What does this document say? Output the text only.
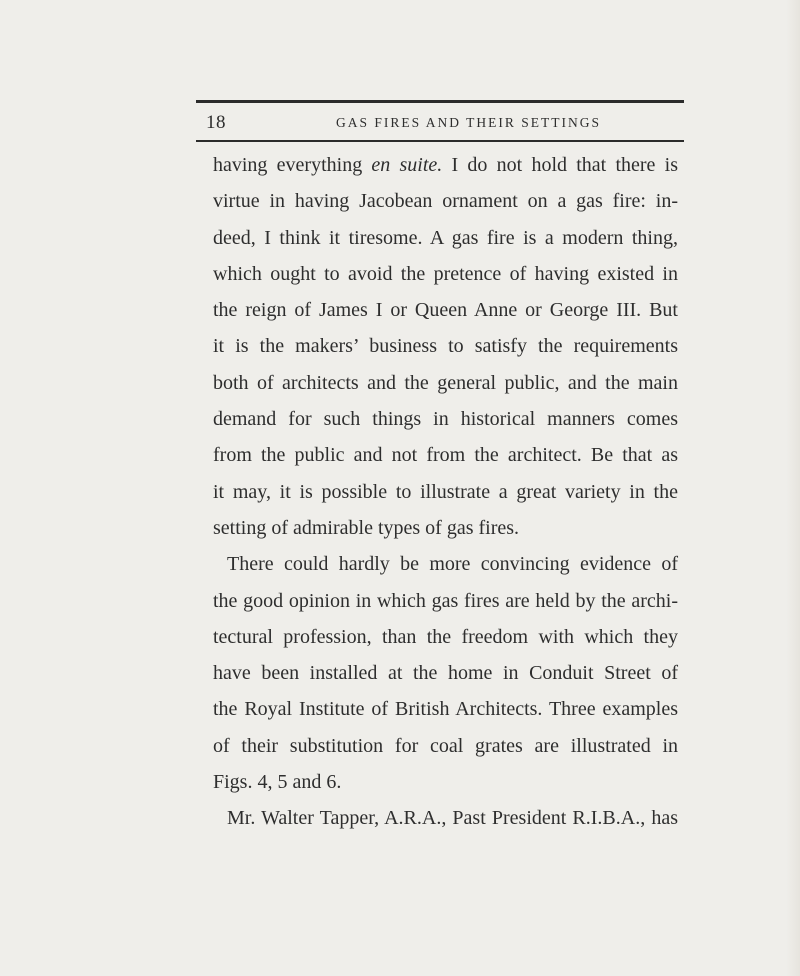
18	GAS FIRES AND THEIR SETTINGS
having everything en suite. I do not hold that there is
virtue in having Jacobean ornament on a gas fire: in-
deed, I think it tiresome. A gas fire is a modern thing,
which ought to avoid the pretence of having existed in
the reign of James I or Queen Anne or George III. But
it is the makers’ business to satisfy the requirements
both of architects and the general public, and the main
demand for such things in historical manners comes
from the public and not from the architect. Be that as
it may, it is possible to illustrate a great variety in the
setting of admirable types of gas fires.
There could hardly be more convincing evidence of
the good opinion in which gas fires are held by the archi-
tectural profession, than the freedom with which they
have been installed at the home in Conduit Street of
the Royal Institute of British Architects. Three examples
of their substitution for coal grates are illustrated in
Figs. 4, 5 and 6.
Mr. Walter Tapper, A.R.A., Past President R.I.B.A., has
